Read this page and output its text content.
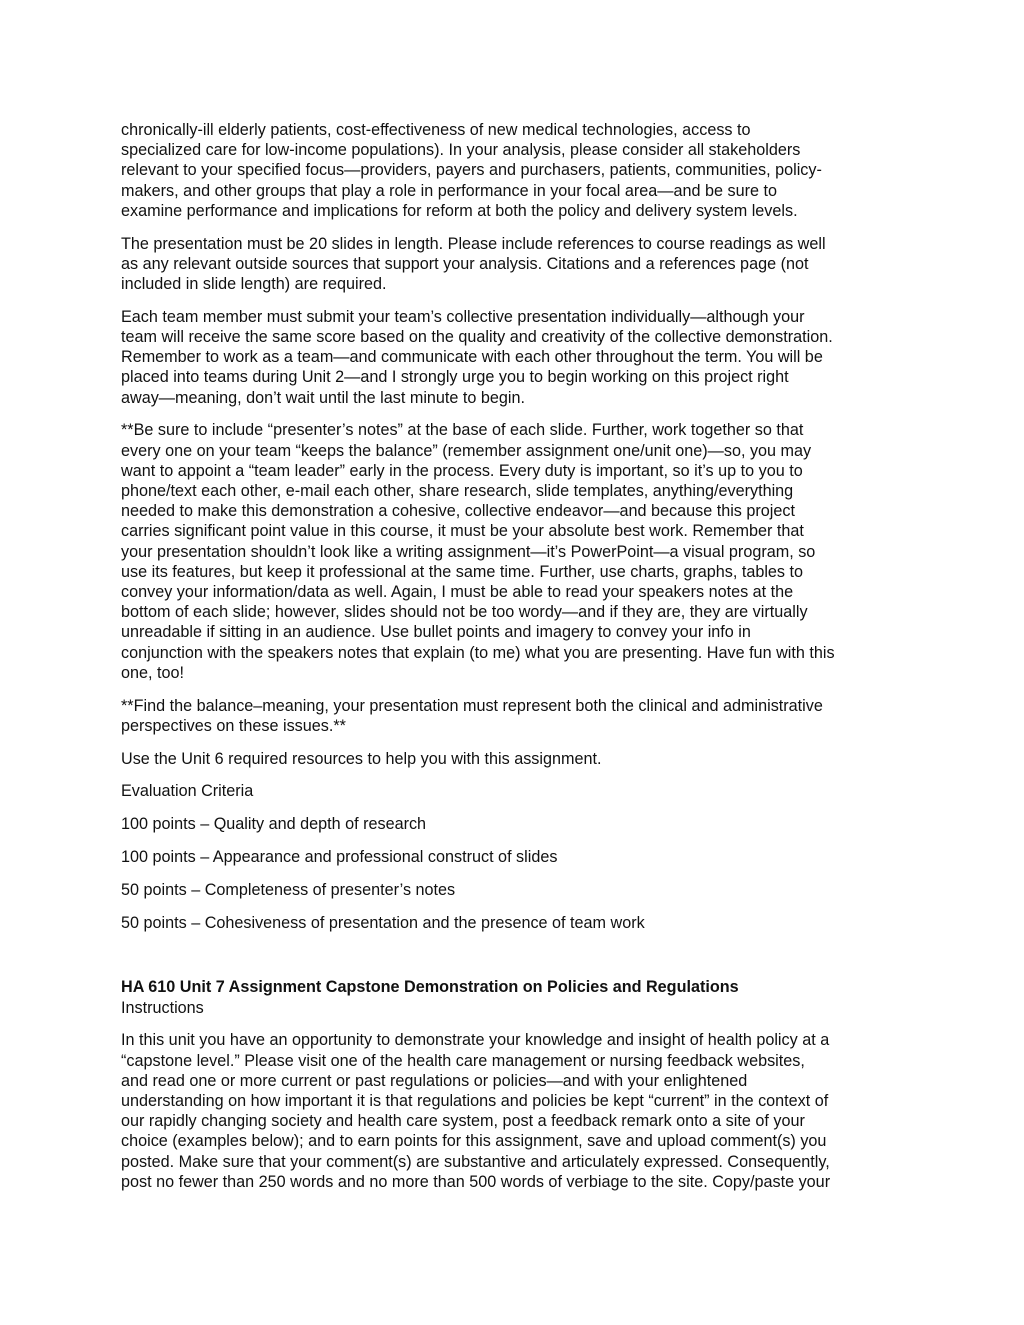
chronically-ill elderly patients, cost-effectiveness of new medical technologies, access to
specialized care for low-income populations). In your analysis, please consider all stakeholders
relevant to your specified focus—providers, payers and purchasers, patients, communities, policy-
makers, and other groups that play a role in performance in your focal area—and be sure to
examine performance and implications for reform at both the policy and delivery system levels.

The presentation must be 20 slides in length. Please include references to course readings as well
as any relevant outside sources that support your analysis. Citations and a references page (not
included in slide length) are required.

Each team member must submit your team’s collective presentation individually—although your
team will receive the same score based on the quality and creativity of the collective demonstration.
Remember to work as a team—and communicate with each other throughout the term. You will be
placed into teams during Unit 2—and I strongly urge you to begin working on this project right
away—meaning, don’t wait until the last minute to begin.

**Be sure to include “presenter’s notes” at the base of each slide. Further, work together so that
every one on your team “keeps the balance” (remember assignment one/unit one)—so, you may
want to appoint a “team leader” early in the process. Every duty is important, so it’s up to you to
phone/text each other, e-mail each other, share research, slide templates, anything/everything
needed to make this demonstration a cohesive, collective endeavor—and because this project
carries significant point value in this course, it must be your absolute best work. Remember that
your presentation shouldn’t look like a writing assignment—it’s PowerPoint—a visual program, so
use its features, but keep it professional at the same time. Further, use charts, graphs, tables to
convey your information/data as well. Again, I must be able to read your speakers notes at the
bottom of each slide; however, slides should not be too wordy—and if they are, they are virtually
unreadable if sitting in an audience. Use bullet points and imagery to convey your info in
conjunction with the speakers notes that explain (to me) what you are presenting. Have fun with this
one, too!

**Find the balance–meaning, your presentation must represent both the clinical and administrative
perspectives on these issues.**

Use the Unit 6 required resources to help you with this assignment.

Evaluation Criteria

100 points – Quality and depth of research

100 points – Appearance and professional construct of slides

50 points – Completeness of presenter’s notes

50 points – Cohesiveness of presentation and the presence of team work

HA 610 Unit 7 Assignment Capstone Demonstration on Policies and Regulations
Instructions

In this unit you have an opportunity to demonstrate your knowledge and insight of health policy at a
“capstone level.” Please visit one of the health care management or nursing feedback websites,
and read one or more current or past regulations or policies—and with your enlightened
understanding on how important it is that regulations and policies be kept “current” in the context of
our rapidly changing society and health care system, post a feedback remark onto a site of your
choice (examples below); and to earn points for this assignment, save and upload comment(s) you
posted. Make sure that your comment(s) are substantive and articulately expressed. Consequently,
post no fewer than 250 words and no more than 500 words of verbiage to the site. Copy/paste your
